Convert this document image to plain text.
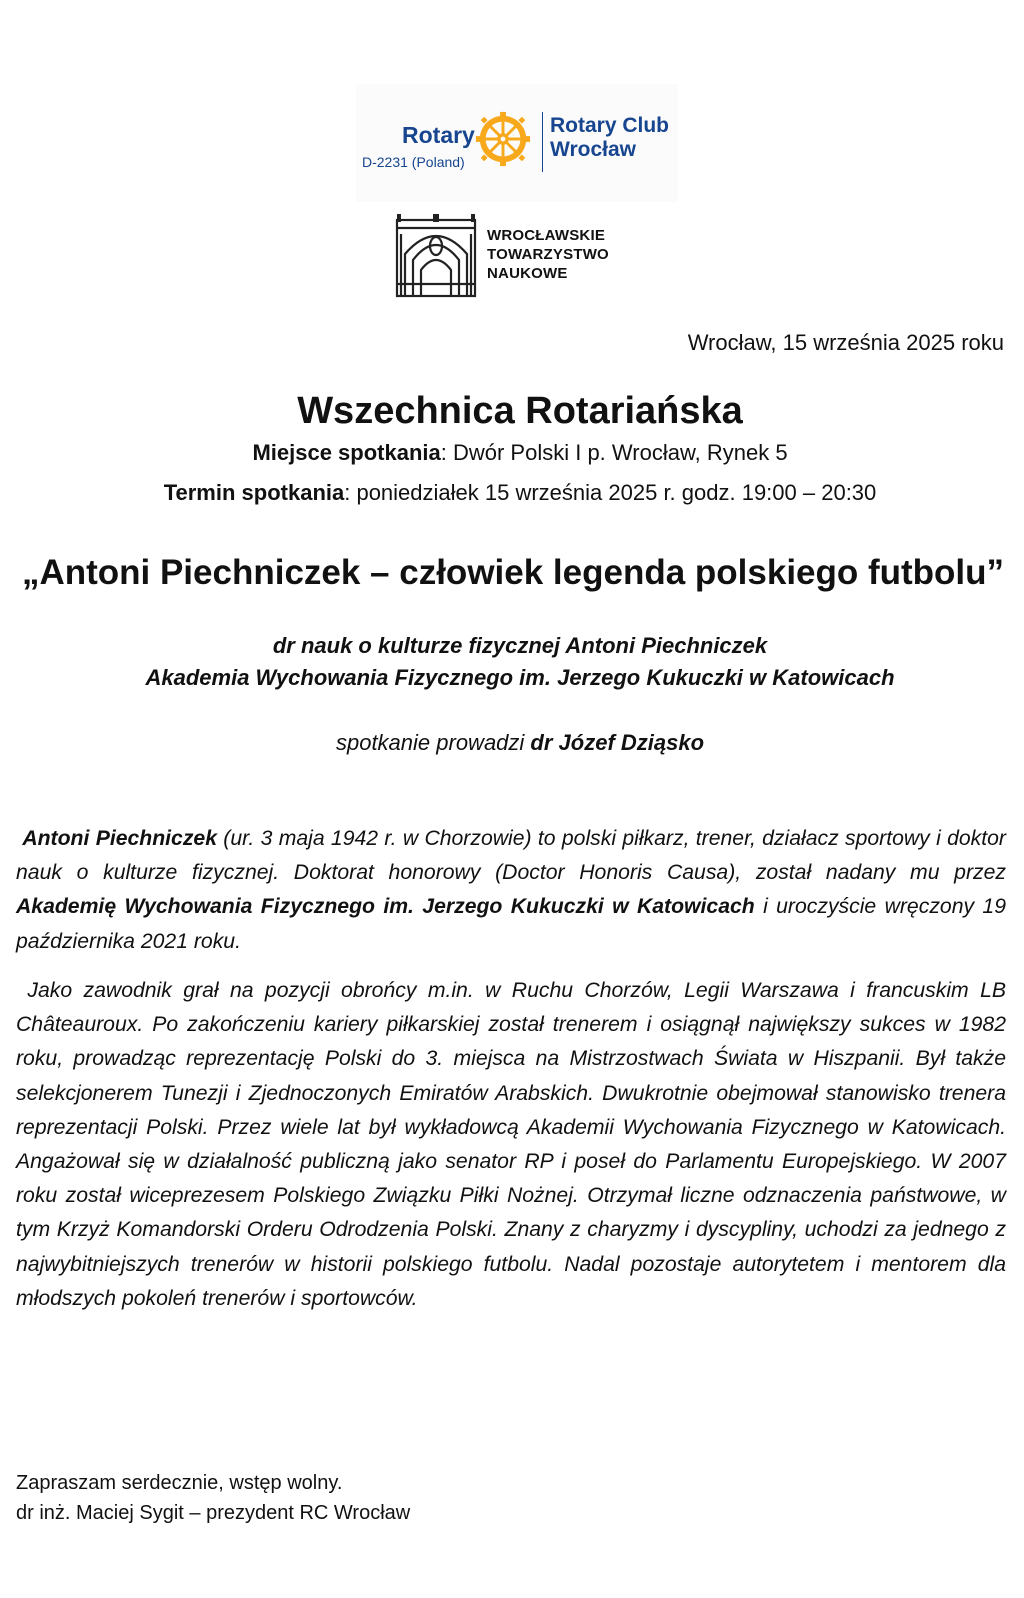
Rotary
D-2231 (Poland)
Rotary Club
Wrocław
WROCŁAWSKIE
TOWARZYSTWO
NAUKOWE
Wrocław, 15 września 2025 roku
Wszechnica Rotariańska
Miejsce spotkania: Dwór Polski I p. Wrocław, Rynek 5
Termin spotkania: poniedziałek 15 września 2025 r. godz. 19:00 – 20:30
„Antoni Piechniczek – człowiek legenda polskiego futbolu”
dr nauk o kulturze fizycznej Antoni Piechniczek
Akademia Wychowania Fizycznego im. Jerzego Kukuczki w Katowicach
spotkanie prowadzi dr Józef Dziąsko
Antoni Piechniczek (ur. 3 maja 1942 r. w Chorzowie) to polski piłkarz, trener, działacz sportowy i doktor nauk o kulturze fizycznej. Doktorat honorowy (Doctor Honoris Causa), został nadany mu przez Akademię Wychowania Fizycznego im. Jerzego Kukuczki w Katowicach i uroczyście wręczony 19 października 2021 roku.
Jako zawodnik grał na pozycji obrońcy m.in. w Ruchu Chorzów, Legii Warszawa i francuskim LB Châteauroux. Po zakończeniu kariery piłkarskiej został trenerem i osiągnął największy sukces w 1982 roku, prowadząc reprezentację Polski do 3. miejsca na Mistrzostwach Świata w Hiszpanii. Był także selekcjonerem Tunezji i Zjednoczonych Emiratów Arabskich. Dwukrotnie obejmował stanowisko trenera reprezentacji Polski. Przez wiele lat był wykładowcą Akademii Wychowania Fizycznego w Katowicach. Angażował się w działalność publiczną jako senator RP i poseł do Parlamentu Europejskiego. W 2007 roku został wiceprezesem Polskiego Związku Piłki Nożnej. Otrzymał liczne odznaczenia państwowe, w tym Krzyż Komandorski Orderu Odrodzenia Polski. Znany z charyzmy i dyscypliny, uchodzi za jednego z najwybitniejszych trenerów w historii polskiego futbolu. Nadal pozostaje autorytetem i mentorem dla młodszych pokoleń trenerów i sportowców.
Zapraszam serdecznie, wstęp wolny.
dr inż. Maciej Sygit – prezydent RC Wrocław
